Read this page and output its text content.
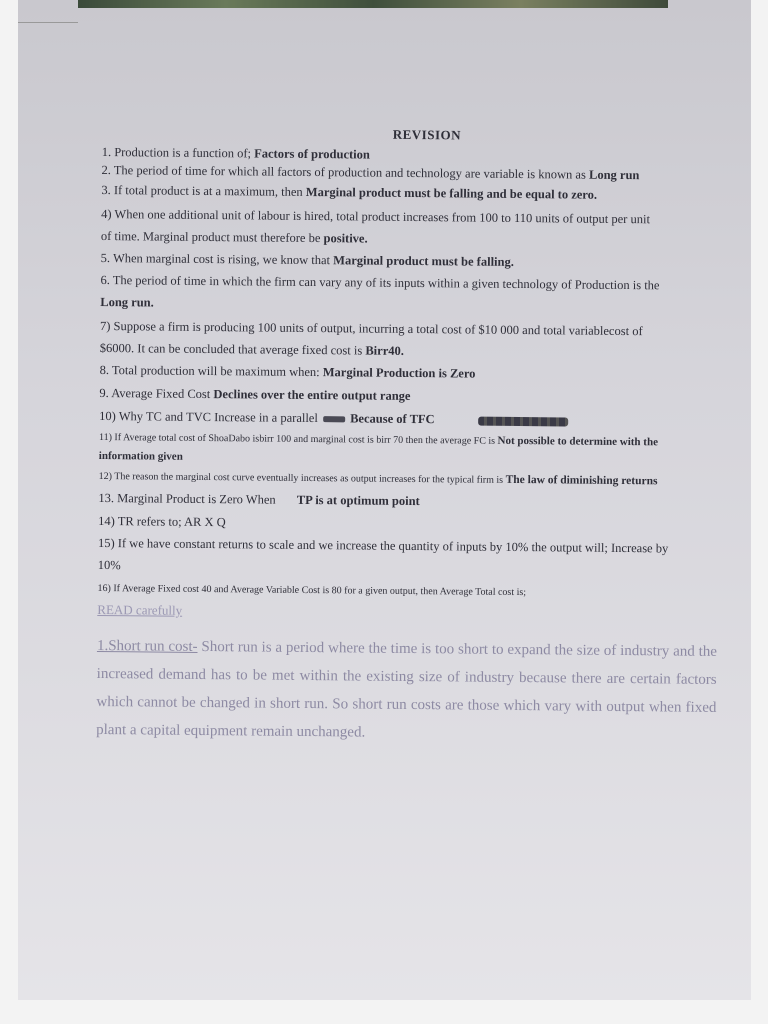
REVISION
1. Production is a function of; Factors of production
2. The period of time for which all factors of production and technology are variable is known as Long run
3. If total product is at a maximum, then Marginal product must be falling and be equal to zero.
4) When one additional unit of labour is hired, total product increases from 100 to 110 units of output per unit of time. Marginal product must therefore be positive.
5. When marginal cost is rising, we know that Marginal product must be falling.
6. The period of time in which the firm can vary any of its inputs within a given technology of Production is the Long run.
7) Suppose a firm is producing 100 units of output, incurring a total cost of $10 000 and total variablecost of $6000. It can be concluded that average fixed cost is Birr40.
8. Total production will be maximum when: Marginal Production is Zero
9. Average Fixed Cost Declines over the entire output range
10) Why TC and TVC Increase in a parallel	Because of TFC
11) If Average total cost of ShoaDabo isbirr 100 and marginal cost is birr 70 then the average FC is Not possible to determine with the information given
12) The reason the marginal cost curve eventually increases as output increases for the typical firm is The law of diminishing returns
13. Marginal Product is Zero When TP is at optimum point
14) TR refers to; AR X Q
15) If we have constant returns to scale and we increase the quantity of inputs by 10% the output will; Increase by 10%
16) If Average Fixed cost 40 and Average Variable Cost is 80 for a given output, then Average Total cost is;
READ carefully
1.Short run cost- Short run is a period where the time is too short to expand the size of industry and the increased demand has to be met within the existing size of industry because there are certain factors which cannot be changed in short run. So short run costs are those which vary with output when fixed plant a capital equipment remain unchanged.
